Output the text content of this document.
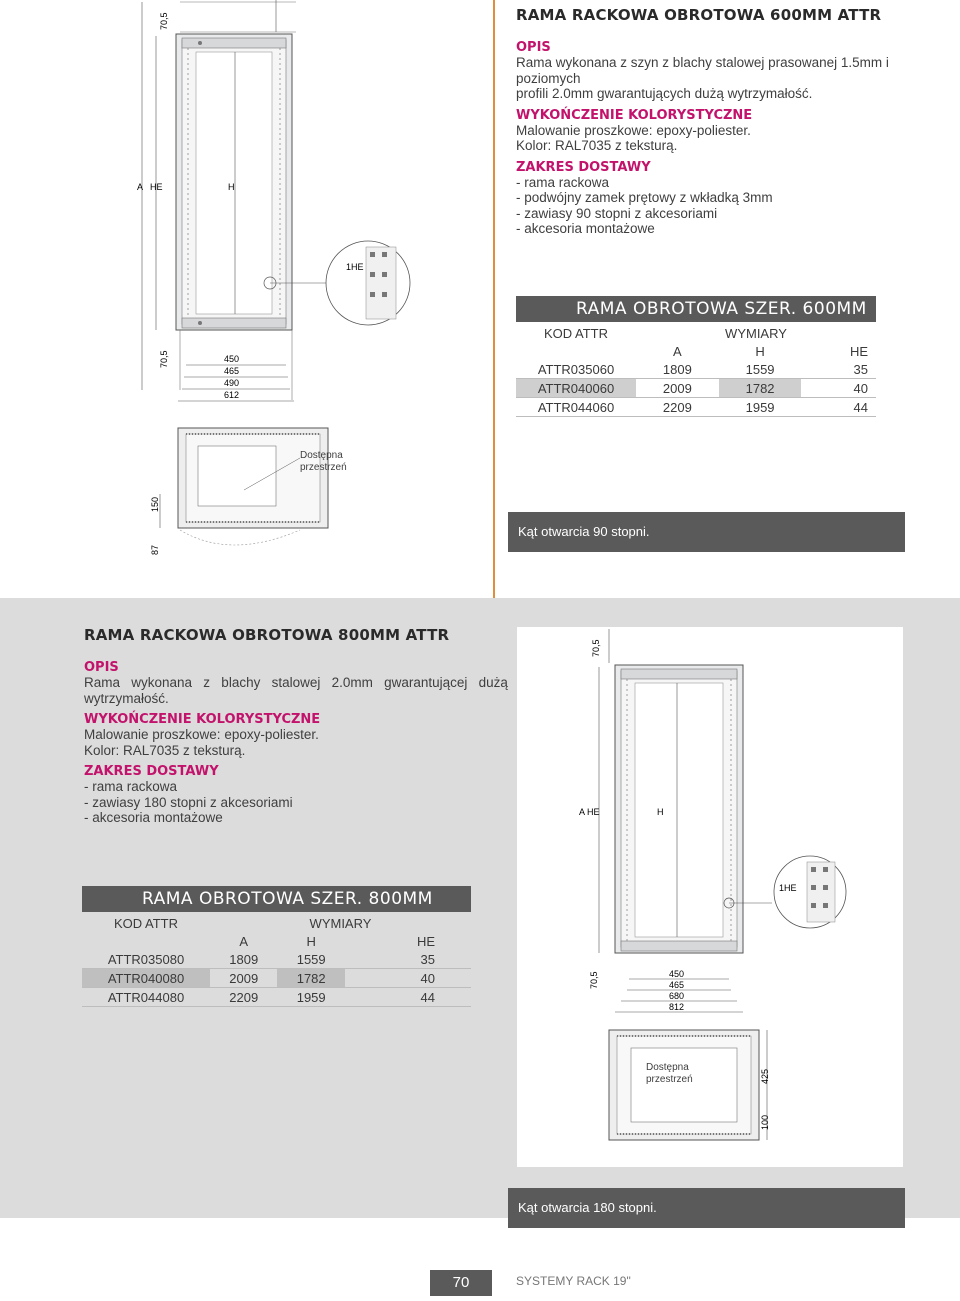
70,5
A HE	H
70,5	450
465
490
612
1HE
RAMA RACKOWA OBROTOWA 600MM ATTR
OPIS
Rama wykonana z szyn z blachy stalowej prasowanej 1.5mm i poziomych
profili 2.0mm gwarantujących dużą wytrzymałość.
WYKOŃCZENIE KOLORYSTYCZNE
Malowanie proszkowe: epoxy-poliester.
Kolor: RAL7035 z teksturą.
ZAKRES DOSTAWY
- rama rackowa
- podwójny zamek prętowy z wkładką 3mm
- zawiasy 90 stopni z akcesoriami
- akcesoria montażowe
RAMA OBROTOWA SZER. 600MM
KOD ATTR	WYMIARY		
	A	H	HE
ATTR035060	1809	1559	35
ATTR040060	2009	1782	40
ATTR044060	2209	1959	44
150
87
Dostępna
przestrzeń
Kąt otwarcia 90 stopni.
RAMA RACKOWA OBROTOWA 800MM ATTR
OPIS
Rama   wykonana   z   blachy   stalowej   2.0mm   gwarantującej   dużą
wytrzymałość.
WYKOŃCZENIE KOLORYSTYCZNE
Malowanie proszkowe: epoxy-poliester.
Kolor: RAL7035 z teksturą.
ZAKRES DOSTAWY
- rama rackowa
- zawiasy 180 stopni z akcesoriami
- akcesoria montażowe
RAMA OBROTOWA SZER. 800MM
KOD ATTR	WYMIARY		
	A	H	HE
ATTR035080	1809	1559	35
ATTR040080	2009	1782	40
ATTR044080	2209	1959	44
70,5
A HE	H
1HE
70,5	450
465
680
812
Dostępna
przestrzeń	425
100
Kąt otwarcia 180 stopni.
70	SYSTEMY RACK 19"
